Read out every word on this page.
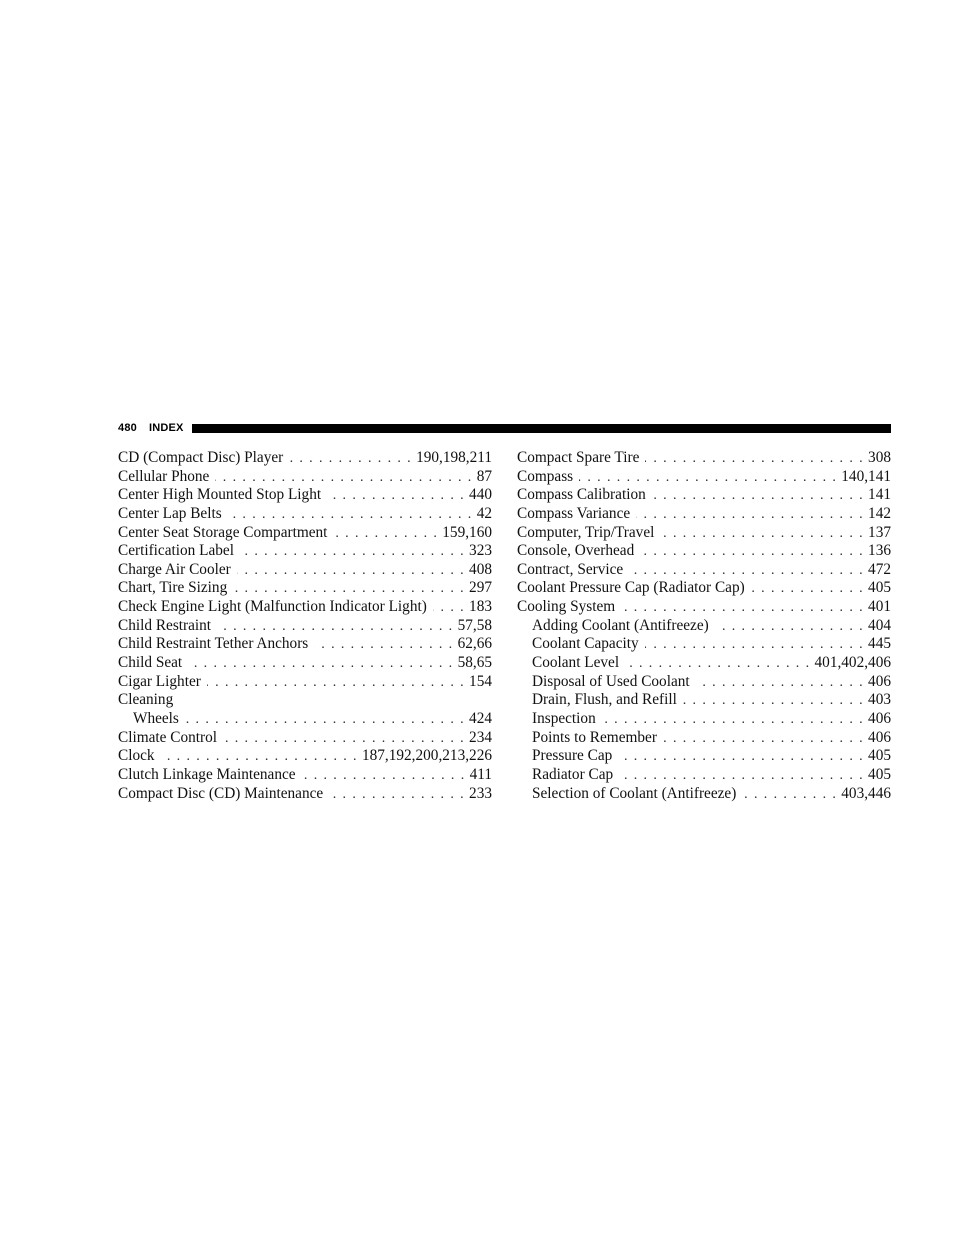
480 INDEX
CD (Compact Disc) Player . . .	190,198,211
Cellular Phone . . .	87
Center High Mounted Stop Light . . .	440
Center Lap Belts . . .	42
Center Seat Storage Compartment . . .	159,160
Certification Label . . .	323
Charge Air Cooler . . .	408
Chart, Tire Sizing . . .	297
Check Engine Light (Malfunction Indicator Light) . . .	183
Child Restraint . . .	57,58
Child Restraint Tether Anchors . . .	62,66
Child Seat . . .	58,65
Cigar Lighter . . .	154
Cleaning
Wheels . . .	424
Climate Control . . .	234
Clock . . .	187,192,200,213,226
Clutch Linkage Maintenance . . .	411
Compact Disc (CD) Maintenance . . .	233
Compact Spare Tire . . .	308
Compass . . .	140,141
Compass Calibration . . .	141
Compass Variance . . .	142
Computer, Trip/Travel . . .	137
Console, Overhead . . .	136
Contract, Service . . .	472
Coolant Pressure Cap (Radiator Cap) . . .	405
Cooling System . . .	401
Adding Coolant (Antifreeze) . . .	404
Coolant Capacity . . .	445
Coolant Level . . .	401,402,406
Disposal of Used Coolant . . .	406
Drain, Flush, and Refill . . .	403
Inspection . . .	406
Points to Remember . . .	406
Pressure Cap . . .	405
Radiator Cap . . .	405
Selection of Coolant (Antifreeze) . . .	403,446
